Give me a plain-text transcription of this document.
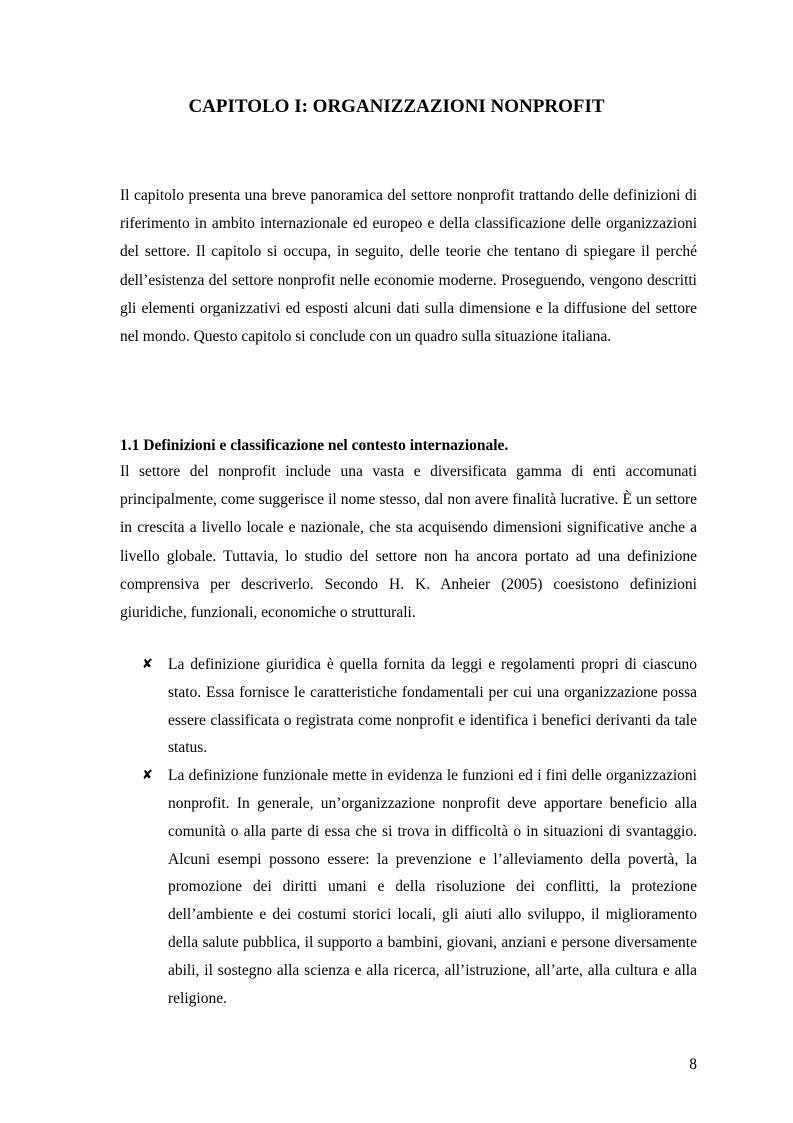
CAPITOLO I: ORGANIZZAZIONI NONPROFIT

Il capitolo presenta una breve panoramica del settore nonprofit trattando delle definizioni di riferimento in ambito internazionale ed europeo e della classificazione delle organizzazioni del settore. Il capitolo si occupa, in seguito, delle teorie che tentano di spiegare il perché dell’esistenza del settore nonprofit nelle economie moderne. Proseguendo, vengono descritti gli elementi organizzativi ed esposti alcuni dati sulla dimensione e la diffusione del settore nel mondo. Questo capitolo si conclude con un quadro sulla situazione italiana.

1.1 Definizioni e classificazione nel contesto internazionale.

Il settore del nonprofit include una vasta e diversificata gamma di enti accomunati principalmente, come suggerisce il nome stesso, dal non avere finalità lucrative. È un settore in crescita a livello locale e nazionale, che sta acquisendo dimensioni significative anche a livello globale. Tuttavia, lo studio del settore non ha ancora portato ad una definizione comprensiva per descriverlo. Secondo H. K. Anheier (2005) coesistono definizioni giuridiche, funzionali, economiche o strutturali.

✘ La definizione giuridica è quella fornita da leggi e regolamenti propri di ciascuno stato. Essa fornisce le caratteristiche fondamentali per cui una organizzazione possa essere classificata o registrata come nonprofit e identifica i benefici derivanti da tale status.
✘ La definizione funzionale mette in evidenza le funzioni ed i fini delle organizzazioni nonprofit. In generale, un’organizzazione nonprofit deve apportare beneficio alla comunità o alla parte di essa che si trova in difficoltà o in situazioni di svantaggio. Alcuni esempi possono essere: la prevenzione e l’alleviamento della povertà, la promozione dei diritti umani e della risoluzione dei conflitti, la protezione dell’ambiente e dei costumi storici locali, gli aiuti allo sviluppo, il miglioramento della salute pubblica, il supporto a bambini, giovani, anziani e persone diversamente abili, il sostegno alla scienza e alla ricerca, all’istruzione, all’arte, alla cultura e alla religione.
8
